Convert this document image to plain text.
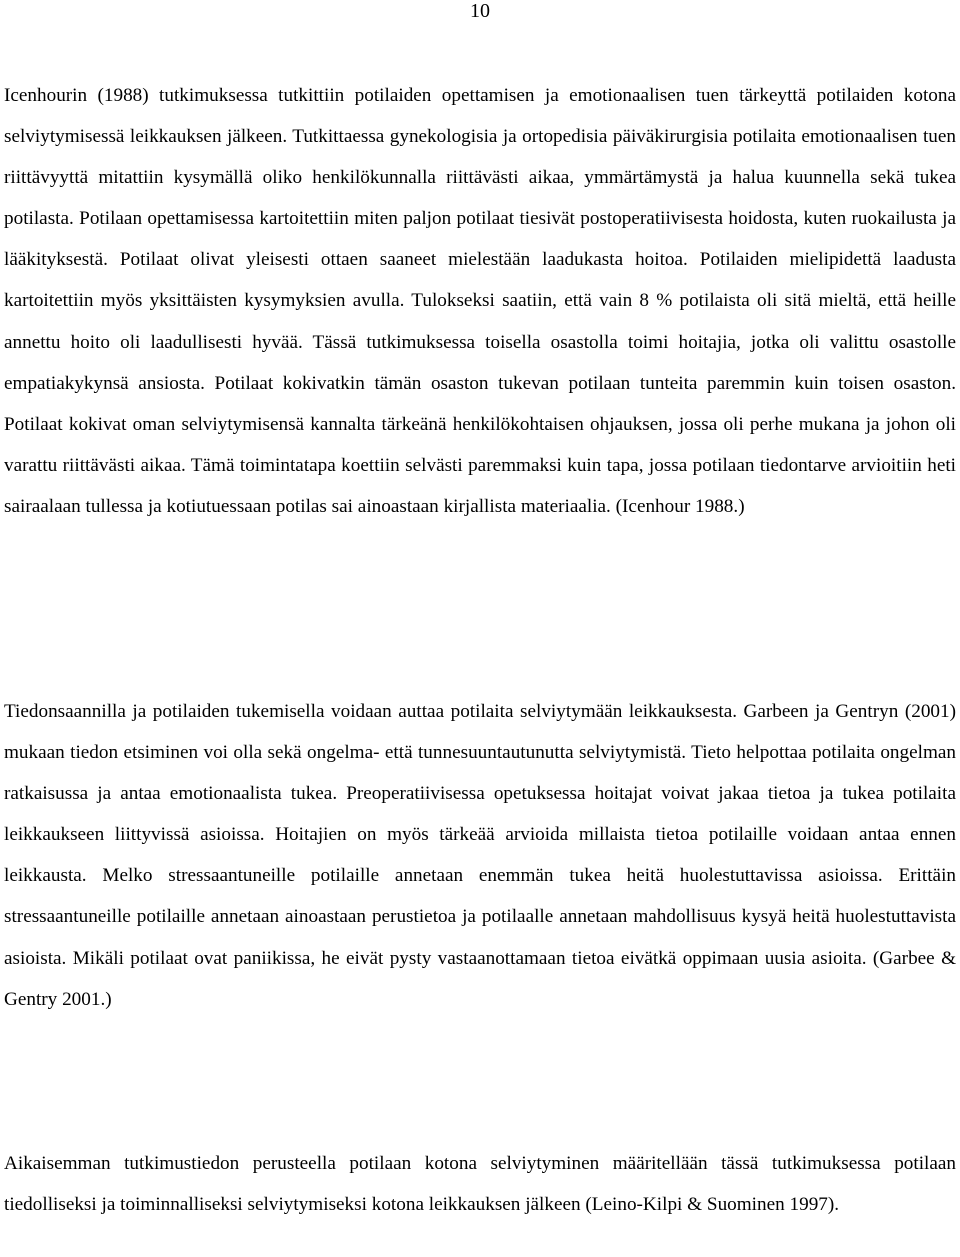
10

Icenhourin (1988) tutkimuksessa tutkittiin potilaiden opettamisen ja emotionaalisen tuen tärkeyttä potilaiden kotona selviytymisessä leikkauksen jälkeen. Tutkittaessa gynekologisia ja ortopedisia päiväkirurgisia potilaita emotionaalisen tuen riittävyyttä mitattiin kysymällä oliko henkilökunnalla riittävästi aikaa, ymmärtämystä ja halua kuunnella sekä tukea potilasta. Potilaan opettamisessa kartoitettiin miten paljon potilaat tiesivät postoperatiivisesta hoidosta, kuten ruokailusta ja lääkityksestä. Potilaat olivat yleisesti ottaen saaneet mielestään laadukasta hoitoa. Potilaiden mielipidettä laadusta kartoitettiin myös yksittäisten kysymyksien avulla. Tulokseksi saatiin, että vain 8 % potilaista oli sitä mieltä, että heille annettu hoito oli laadullisesti hyvää. Tässä tutkimuksessa toisella osastolla toimi hoitajia, jotka oli valittu osastolle empatiakykynsä ansiosta. Potilaat kokivatkin tämän osaston tukevan potilaan tunteita paremmin kuin toisen osaston. Potilaat kokivat oman selviytymisensä kannalta tärkeänä henkilökohtaisen ohjauksen, jossa oli perhe mukana ja johon oli varattu riittävästi aikaa. Tämä toimintatapa koettiin selvästi paremmaksi kuin tapa, jossa potilaan tiedontarve arvioitiin heti sairaalaan tullessa ja kotiutuessaan potilas sai ainoastaan kirjallista materiaalia. (Icenhour 1988.)

Tiedonsaannilla ja potilaiden tukemisella voidaan auttaa potilaita selviytymään leikkauksesta. Garbeen ja Gentryn (2001) mukaan tiedon etsiminen voi olla sekä ongelma- että tunnesuuntautunutta selviytymistä. Tieto helpottaa potilaita ongelman ratkaisussa ja antaa emotionaalista tukea. Preoperatiivisessa opetuksessa hoitajat voivat jakaa tietoa ja tukea potilaita leikkaukseen liittyvissä asioissa. Hoitajien on myös tärkeää arvioida millaista tietoa potilaille voidaan antaa ennen leikkausta. Melko stressaantuneille potilaille annetaan enemmän tukea heitä huolestuttavissa asioissa. Erittäin stressaantuneille potilaille annetaan ainoastaan perustietoa ja potilaalle annetaan mahdollisuus kysyä heitä huolestuttavista asioista. Mikäli potilaat ovat paniikissa, he eivät pysty vastaanottamaan tietoa eivätkä oppimaan uusia asioita. (Garbee & Gentry 2001.)

Aikaisemman tutkimustiedon perusteella potilaan kotona selviytyminen määritellään tässä tutkimuksessa potilaan tiedolliseksi ja toiminnalliseksi selviytymiseksi kotona leikkauksen jälkeen (Leino-Kilpi & Suominen 1997).
